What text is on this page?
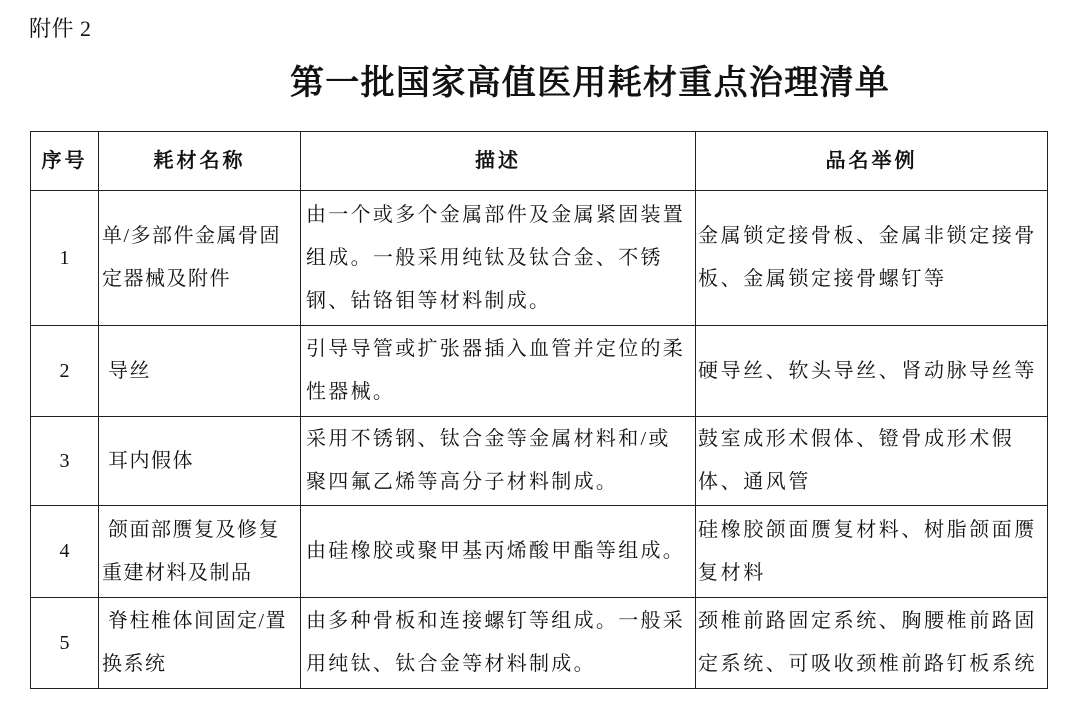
附件 2
第一批国家高值医用耗材重点治理清单
序号	耗材名称	描述	品名举例
1	单/多部件金属骨固定器械及附件	由一个或多个金属部件及金属紧固装置组成。一般采用纯钛及钛合金、不锈钢、钴铬钼等材料制成。	金属锁定接骨板、金属非锁定接骨板、金属锁定接骨螺钉等
2	导丝	引导导管或扩张器插入血管并定位的柔性器械。	硬导丝、软头导丝、肾动脉导丝等
3	耳内假体	采用不锈钢、钛合金等金属材料和/或聚四氟乙烯等高分子材料制成。	鼓室成形术假体、镫骨成形术假体、通风管
4	颌面部赝复及修复重建材料及制品	由硅橡胶或聚甲基丙烯酸甲酯等组成。	硅橡胶颌面赝复材料、树脂颌面赝复材料
5	脊柱椎体间固定/置换系统	由多种骨板和连接螺钉等组成。一般采用纯钛、钛合金等材料制成。	颈椎前路固定系统、胸腰椎前路固定系统、可吸收颈椎前路钉板系统
